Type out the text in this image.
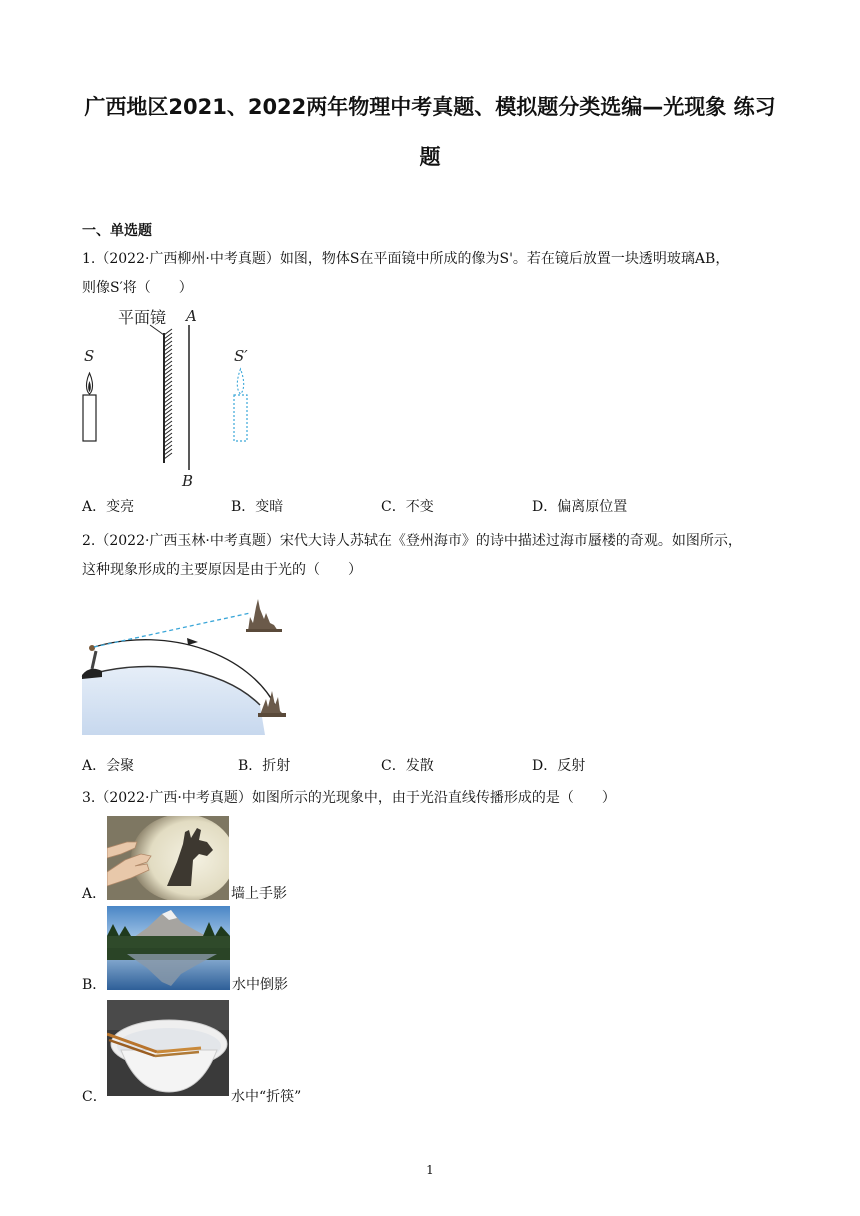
广西地区2021、2022两年物理中考真题、模拟题分类选编—光现象 练习
题
一、单选题
1.（2022·广西柳州·中考真题）如图，物体S在平面镜中所成的像为S'。若在镜后放置一块透明玻璃AB，
则像S′将（　　）
平面镜 A
B
S	S′
A．变亮	B．变暗	C．不变	D．偏离原位置
2.（2022·广西玉林·中考真题）宋代大诗人苏轼在《登州海市》的诗中描述过海市蜃楼的奇观。如图所示，
这种现象形成的主要原因是由于光的（　　）
A．会聚	B．折射	C．发散	D．反射
3.（2022·广西·中考真题）如图所示的光现象中，由于光沿直线传播形成的是（　　）
A．	墙上手影
B．	水中倒影
C．	水中“折筷”
1
